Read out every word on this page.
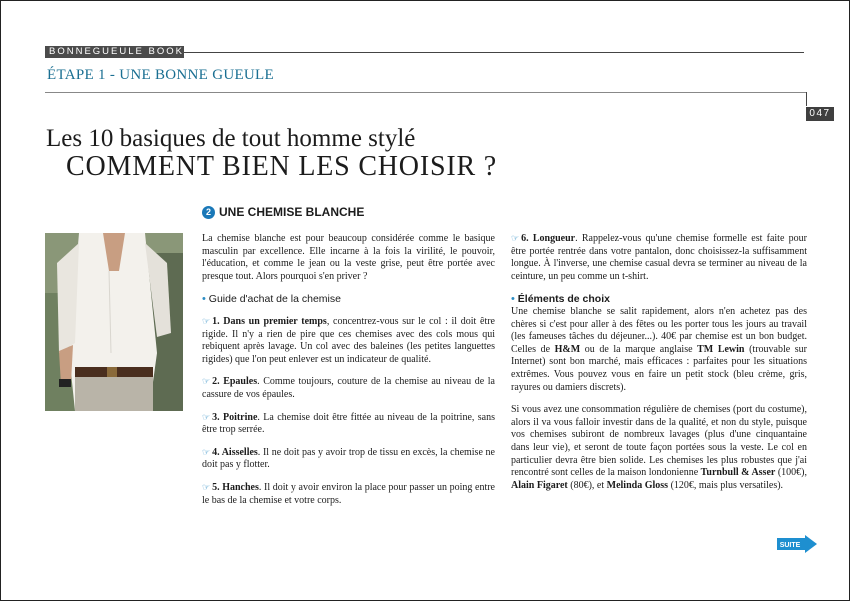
BONNEGUEULE BOOK
ÉTAPE 1 - UNE BONNE GUEULE
047
Les 10 basiques de tout homme stylé
COMMENT BIEN LES CHOISIR ?
2 UNE CHEMISE BLANCHE

La chemise blanche est pour beaucoup considérée comme le basique masculin par excellence. Elle incarne à la fois la virilité, le pouvoir, l'éducation, et comme le jean ou la veste grise, peut être portée avec presque tout. Alors pourquoi s'en priver ?

• Guide d'achat de la chemise

☞ 1. Dans un premier temps, concentrez-vous sur le col : il doit être rigide. Il n'y a rien de pire que ces chemises avec des cols mous qui rebiquent après lavage. Un col avec des baleines (les petites languettes rigides) que l'on peut enlever est un indicateur de qualité.

☞ 2. Epaules. Comme toujours, couture de la chemise au niveau de la cassure de vos épaules.

☞ 3. Poitrine. La chemise doit être fittée au niveau de la poitrine, sans être trop serrée.

☞ 4. Aisselles. Il ne doit pas y avoir trop de tissu en excès, la chemise ne doit pas y flotter.

☞ 5. Hanches. Il doit y avoir environ la place pour passer un poing entre le bas de la chemise et votre corps.

☞ 6. Longueur. Rappelez-vous qu'une chemise formelle est faite pour être portée rentrée dans votre pantalon, donc choisissez-la suffisamment longue. À l'inverse, une chemise casual devra se terminer au niveau de la ceinture, un peu comme un t-shirt.

• Éléments de choix

Une chemise blanche se salit rapidement, alors n'en achetez pas des chères si c'est pour aller à des fêtes ou les porter tous les jours au travail (les fameuses tâches du déjeuner...). 40€ par chemise est un bon budget. Celles de H&M ou de la marque anglaise TM Lewin (trouvable sur Internet) sont bon marché, mais efficaces : parfaites pour les situations extrêmes. Vous pouvez vous en faire un petit stock (bleu crème, gris, rayures ou damiers discrets).

Si vous avez une consommation régulière de chemises (port du costume), alors il va vous falloir investir dans de la qualité, et non du style, puisque vos chemises subiront de nombreux lavages (plus d'une cinquantaine dans leur vie), et seront de toute façon portées sous la veste. Le col en particulier devra être bien solide. Les chemises les plus robustes que j'ai rencontré sont celles de la maison londonienne Turnbull & Asser (100€), Alain Figaret (80€), et Melinda Gloss (120€, mais plus versatiles).

SUITE
